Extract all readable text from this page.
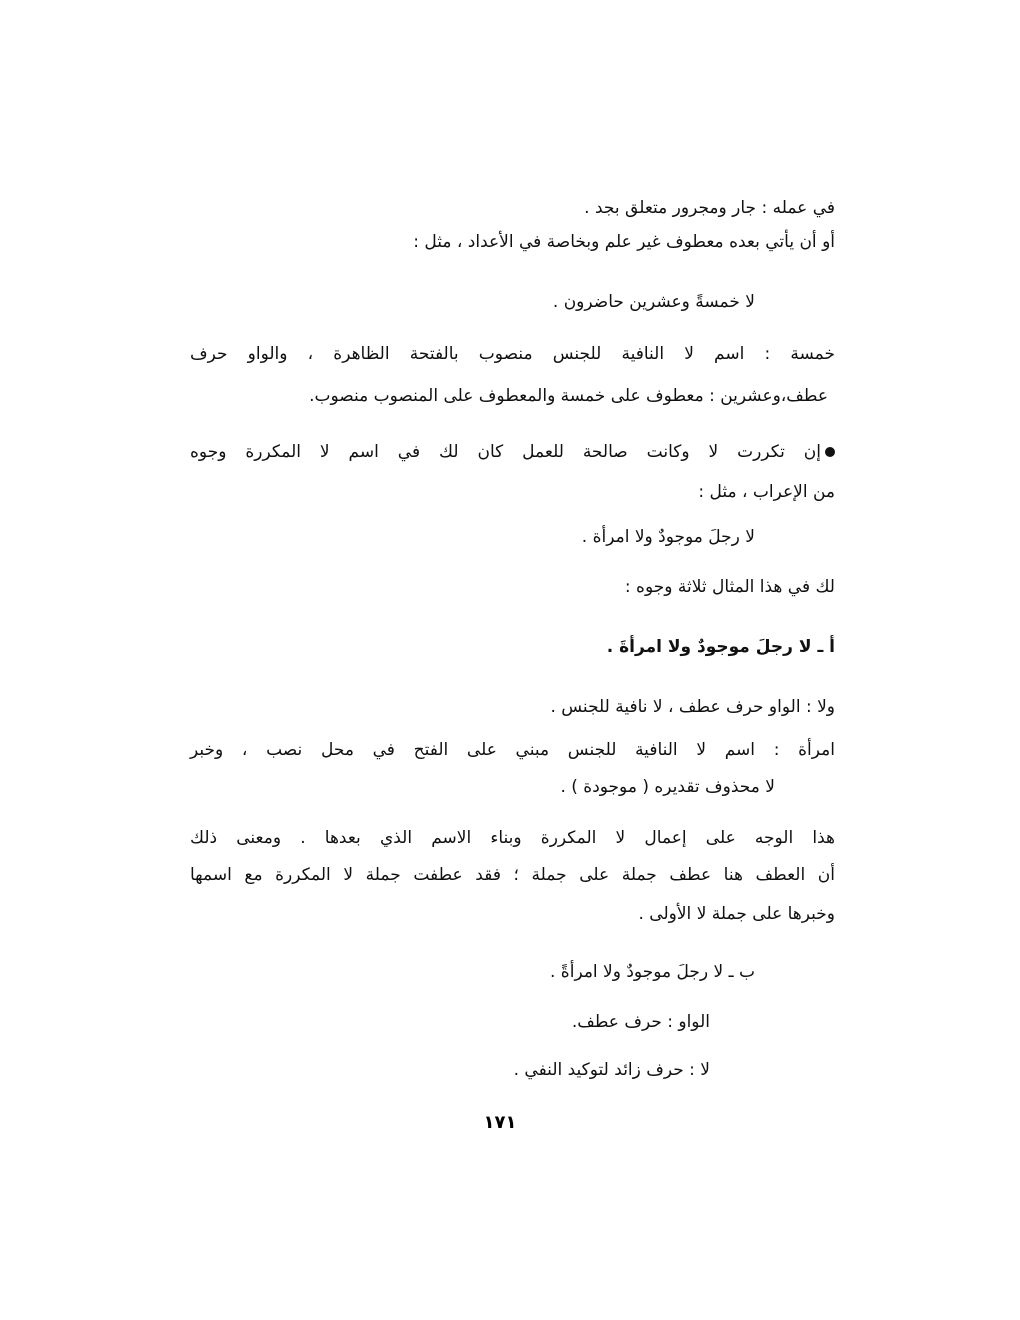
في عمله : جار ومجرور متعلق بجد .
أو أن يأتي بعده معطوف غير علم وبخاصة في الأعداد ، مثل :
لا خمسةً وعشرين حاضرون .
خمسة : اسم لا النافية للجنس منصوب بالفتحة الظاهرة ، والواو حرف
عطف،وعشرين : معطوف على خمسة والمعطوف على المنصوب منصوب.
إن تكررت لا وكانت صالحة للعمل كان لك في اسم لا المكررة وجوه
من الإعراب ، مثل :
لا رجلَ موجودٌ ولا امرأة .
لك في هذا المثال ثلاثة وجوه :
أ ـ لا رجلَ موجودٌ ولا امرأةَ .
ولا : الواو حرف عطف ، لا نافية للجنس .
امرأة : اسم لا النافية للجنس مبني على الفتح في محل نصب ، وخبر
لا محذوف تقديره ( موجودة ) .
هذا الوجه على إعمال لا المكررة وبناء الاسم الذي بعدها . ومعنى ذلك
أن العطف هنا عطف جملة على جملة ؛ فقد عطفت جملة لا المكررة مع اسمها
وخبرها على جملة لا الأولى .
ب ـ لا رجلَ موجودٌ ولا امرأةً .
الواو : حرف عطف.
لا : حرف زائد لتوكيد النفي .
١٧١
